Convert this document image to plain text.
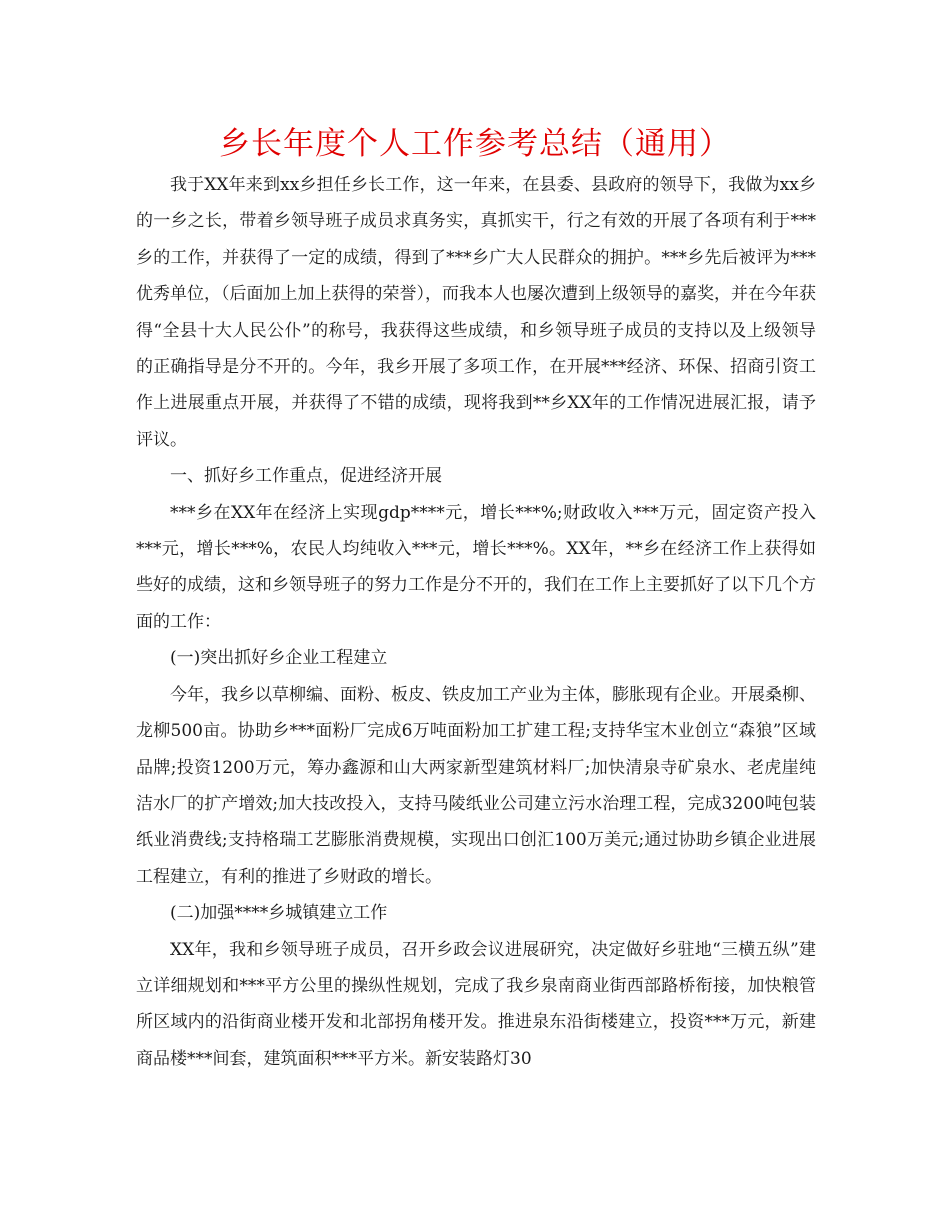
乡长年度个人工作参考总结（通用）

我于XX年来到xx乡担任乡长工作，这一年来，在县委、县政府的领导下，我做为xx乡的一乡之长，带着乡领导班子成员求真务实，真抓实干，行之有效的开展了各项有利于***乡的工作，并获得了一定的成绩，得到了***乡广大人民群众的拥护。***乡先后被评为***优秀单位，（后面加上加上获得的荣誉），而我本人也屡次遭到上级领导的嘉奖，并在今年获得“全县十大人民公仆”的称号，我获得这些成绩，和乡领导班子成员的支持以及上级领导的正确指导是分不开的。今年，我乡开展了多项工作，在开展***经济、环保、招商引资工作上进展重点开展，并获得了不错的成绩，现将我到**乡XX年的工作情况进展汇报，请予评议。

一、抓好乡工作重点，促进经济开展

***乡在XX年在经济上实现gdp****元，增长***%;财政收入***万元，固定资产投入***元，增长***%，农民人均纯收入***元，增长***%。XX年，**乡在经济工作上获得如些好的成绩，这和乡领导班子的努力工作是分不开的，我们在工作上主要抓好了以下几个方面的工作：

(一)突出抓好乡企业工程建立

今年，我乡以草柳编、面粉、板皮、铁皮加工产业为主体，膨胀现有企业。开展桑柳、龙柳500亩。协助乡***面粉厂完成6万吨面粉加工扩建工程;支持华宝木业创立“森狼”区域品牌;投资1200万元，筹办鑫源和山大两家新型建筑材料厂;加快清泉寺矿泉水、老虎崖纯洁水厂的扩产增效;加大技改投入，支持马陵纸业公司建立污水治理工程，完成3200吨包装纸业消费线;支持格瑞工艺膨胀消费规模，实现出口创汇100万美元;通过协助乡镇企业进展工程建立，有利的推进了乡财政的增长。

(二)加强****乡城镇建立工作

XX年，我和乡领导班子成员，召开乡政会议进展研究，决定做好乡驻地“三横五纵”建立详细规划和***平方公里的操纵性规划，完成了我乡泉南商业街西部路桥衔接，加快粮管所区域内的沿街商业楼开发和北部拐角楼开发。推进泉东沿街楼建立，投资***万元，新建商品楼***间套，建筑面积***平方米。新安装路灯30
